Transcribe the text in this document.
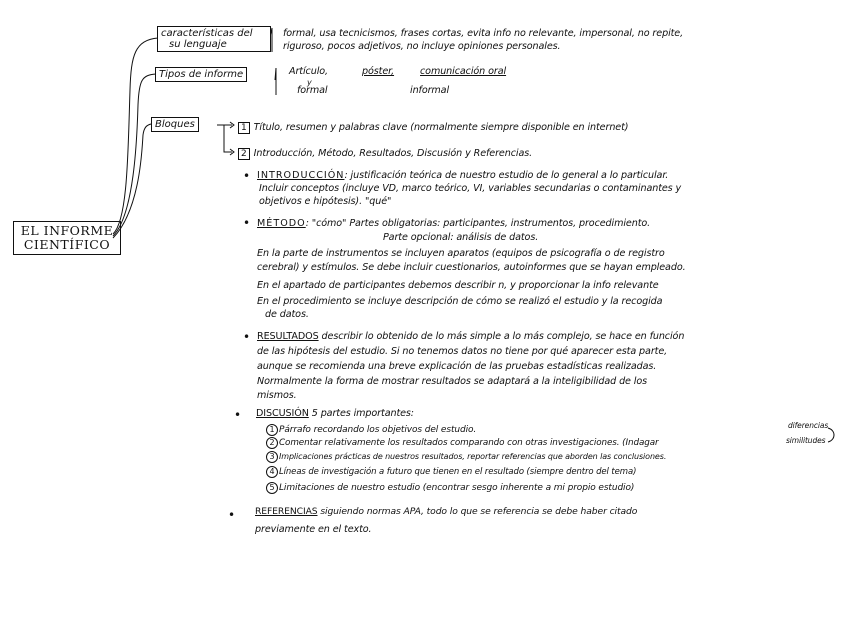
EL INFORME CIENTÍFICO
características del
su lenguaje
formal, usa tecnicismos, frases cortas, evita info no relevante, impersonal, no repite,
riguroso, pocos adjetivos, no incluye opiniones personales.
Tipos de informe	Artículo,	póster,	comunicación oral
y
formal	informal
Bloques	1 Título, resumen y palabras clave (normalmente siempre disponible en internet)
2 Introducción, Método, Resultados, Discusión y Referencias.
• INTRODUCCIÓN: justificación teórica de nuestro estudio de lo general a lo particular.
Incluir conceptos (incluye VD, marco teórico, VI, variables secundarias o contaminantes y
objetivos e hipótesis). "qué"
• MÉTODO: "cómo" Partes obligatorias: participantes, instrumentos, procedimiento.
Parte opcional: análisis de datos.
En la parte de instrumentos se incluyen aparatos (equipos de psicografía o de registro
cerebral) y estímulos. Se debe incluir cuestionarios, autoinformes que se hayan empleado.
En el apartado de participantes debemos describir n, y proporcionar la info relevante
En el procedimiento se incluye descripción de cómo se realizó el estudio y la recogida
de datos.
• RESULTADOS describir lo obtenido de lo más simple a lo más complejo, se hace en función
de las hipótesis del estudio. Si no tenemos datos no tiene por qué aparecer esta parte,
aunque se recomienda una breve explicación de las pruebas estadísticas realizadas.
Normalmente la forma de mostrar resultados se adaptará a la inteligibilidad de los
mismos.
• DISCUSIÓN 5 partes importantes:
1 Párrafo recordando los objetivos del estudio.
2 Comentar relativamente los resultados comparando con otras investigaciones. (Indagar
3 Implicaciones prácticas de nuestros resultados, reportar referencias que aborden las conclusiones.
4 Líneas de investigación a futuro que tienen en el resultado (siempre dentro del tema)
5 Limitaciones de nuestro estudio (encontrar sesgo inherente a mi propio estudio)
diferencias
similitudes
• REFERENCIAS siguiendo normas APA, todo lo que se referencia se debe haber citado
previamente en el texto.
